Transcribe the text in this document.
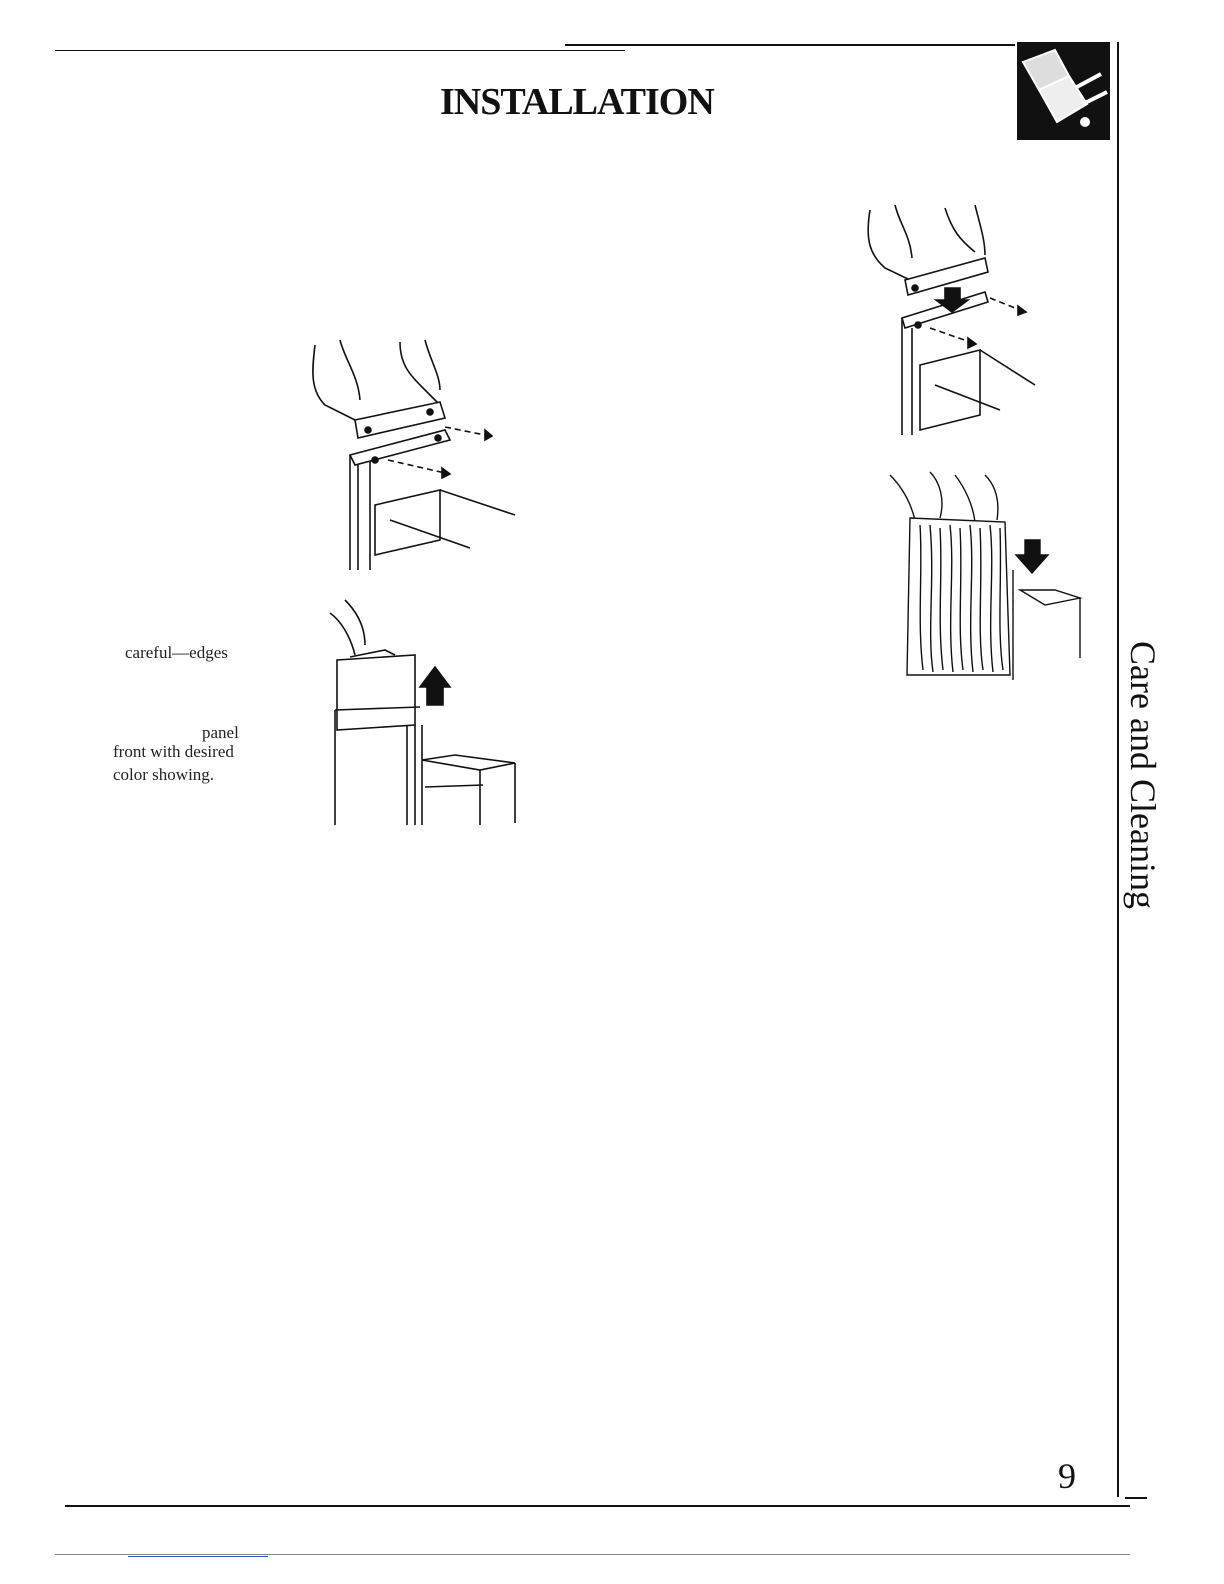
INSTALLATION
Care and Cleaning
careful—edges
panel
front with desired
color showing.
9
